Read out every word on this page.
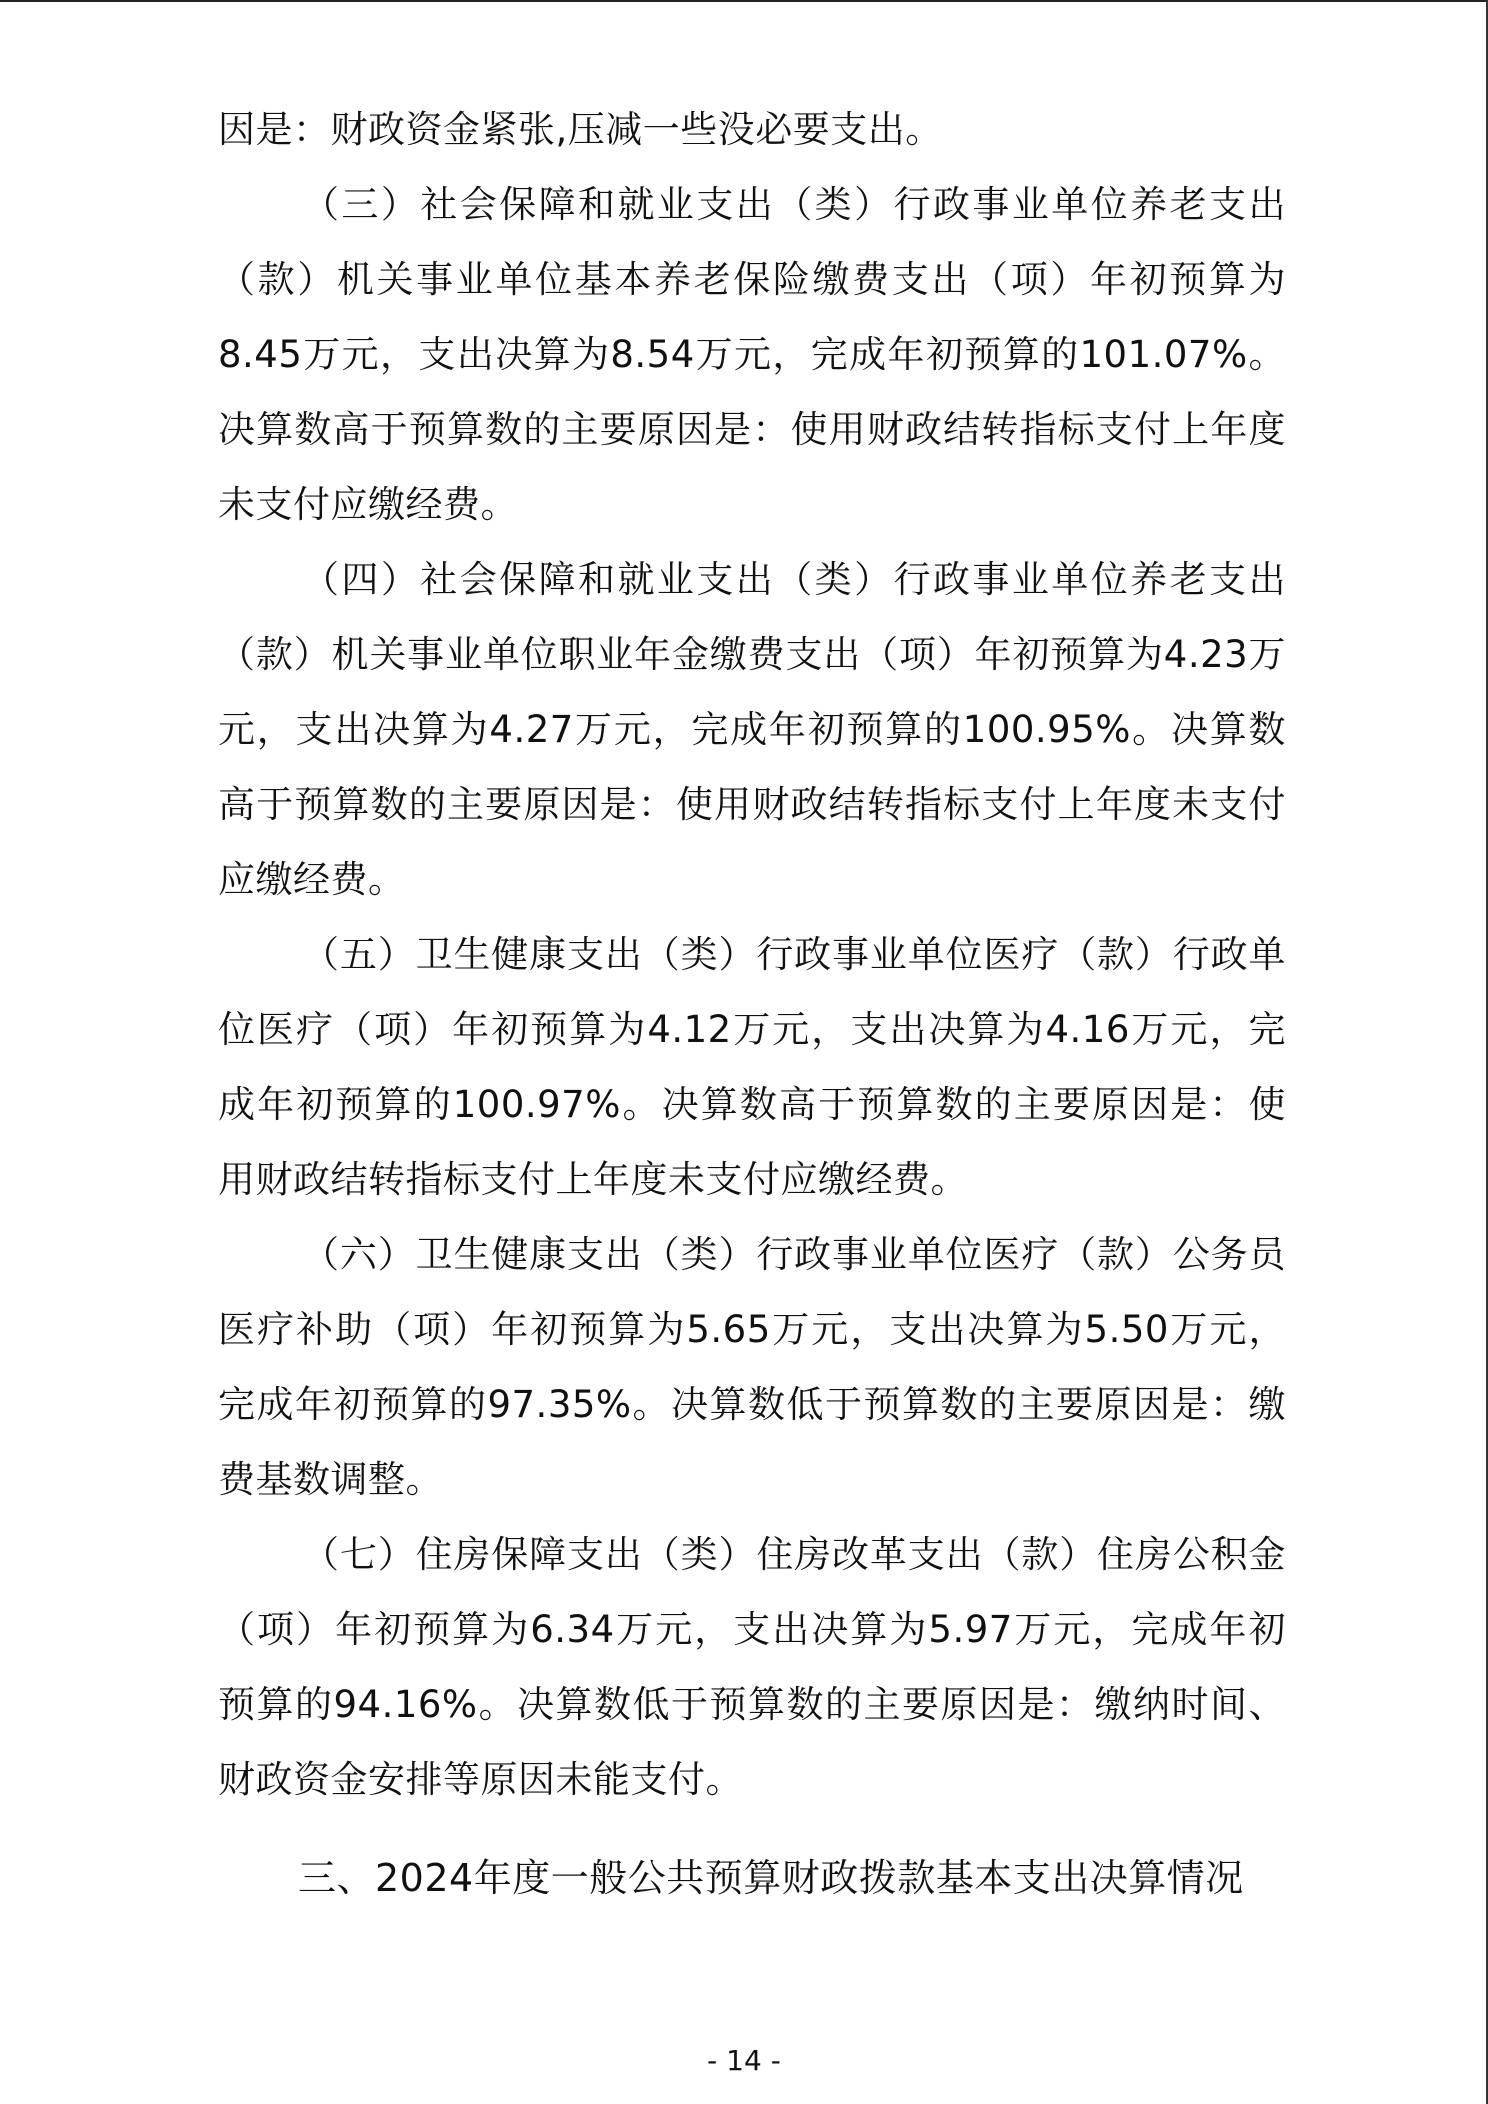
因是：财政资金紧张,压减一些没必要支出。

（三）社会保障和就业支出（类）行政事业单位养老支出（款）机关事业单位基本养老保险缴费支出（项）年初预算为8.45万元，支出决算为8.54万元，完成年初预算的101.07%。决算数高于预算数的主要原因是：使用财政结转指标支付上年度未支付应缴经费。

（四）社会保障和就业支出（类）行政事业单位养老支出（款）机关事业单位职业年金缴费支出（项）年初预算为4.23万元，支出决算为4.27万元，完成年初预算的100.95%。决算数高于预算数的主要原因是：使用财政结转指标支付上年度未支付应缴经费。

（五）卫生健康支出（类）行政事业单位医疗（款）行政单位医疗（项）年初预算为4.12万元，支出决算为4.16万元，完成年初预算的100.97%。决算数高于预算数的主要原因是：使用财政结转指标支付上年度未支付应缴经费。

（六）卫生健康支出（类）行政事业单位医疗（款）公务员医疗补助（项）年初预算为5.65万元，支出决算为5.50万元，完成年初预算的97.35%。决算数低于预算数的主要原因是：缴费基数调整。

（七）住房保障支出（类）住房改革支出（款）住房公积金（项）年初预算为6.34万元，支出决算为5.97万元，完成年初预算的94.16%。决算数低于预算数的主要原因是：缴纳时间、财政资金安排等原因未能支付。

三、2024年度一般公共预算财政拨款基本支出决算情况

- 14 -
